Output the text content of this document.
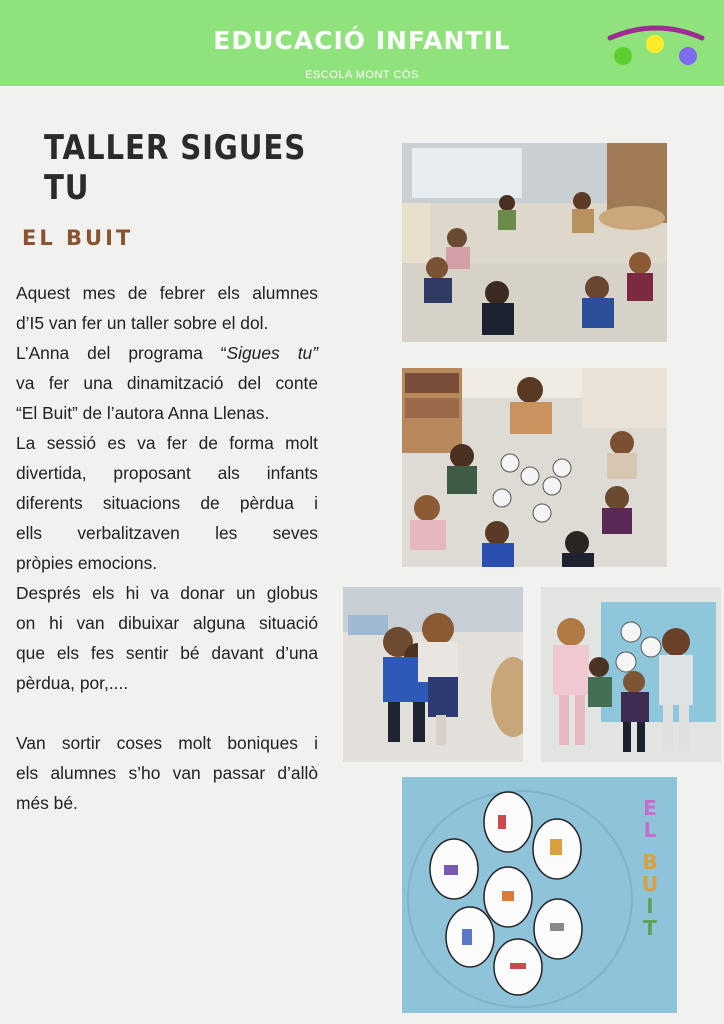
EDUCACIÓ INFANTIL
ESCOLA MONT CÓS
TALLER SIGUES TU
EL BUIT

Aquest mes de febrer els alumnes

d’I5 van fer un taller sobre el dol.

L’Anna del programa “Sigues tu”

va fer una dinamització del conte

“El Buit” de l’autora Anna Llenas.

La sessió es va fer de forma molt

divertida, proposant als infants

diferents situacions de pèrdua i

ells verbalitzaven les seves

pròpies emocions.

Després els hi va donar un globus

on hi van dibuixar alguna situació

que els fes sentir bé davant d’una

pèrdua, por,....

Van sortir coses molt boniques i

els alumnes s’ho van passar d’allò

més bé.	E
L
B
U
I
T
